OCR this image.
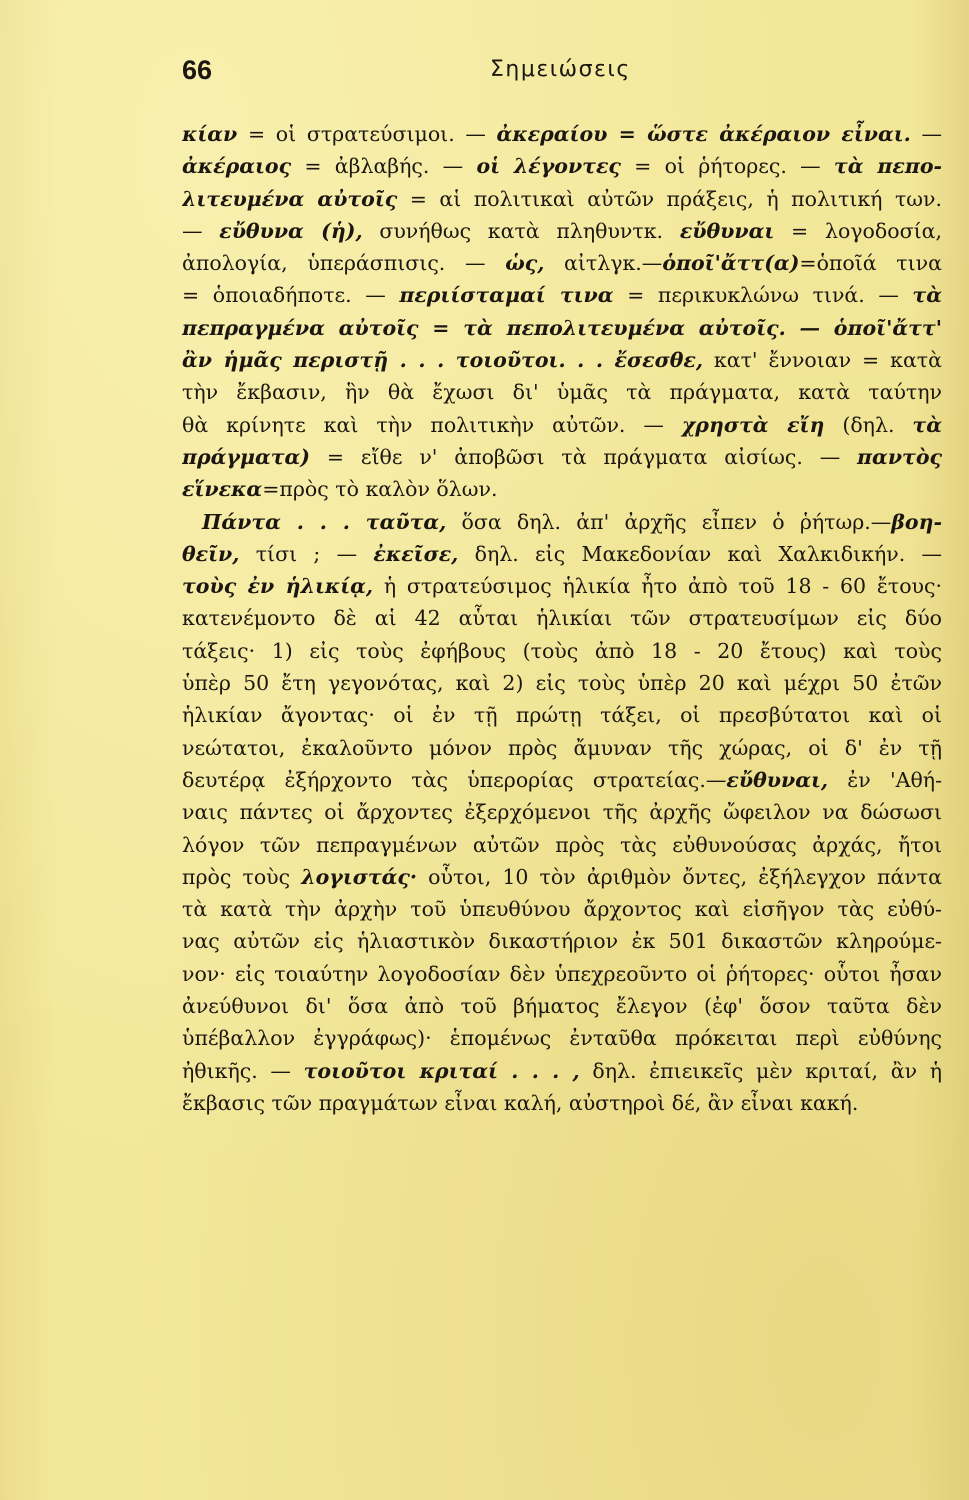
66	Σημειώσεις
κίαν = οἱ στρατεύσιμοι. — ἀκεραίου = ὥστε ἀκέραιον εἶναι. —
ἀκέραιος = ἀβλαβής. — οἱ λέγοντες = οἱ ῥήτορες. — τὰ πεπο-
λιτευμένα αὐτοῖς = αἱ πολιτικαὶ αὐτῶν πράξεις, ἡ πολιτική των.
— εὔθυνα (ἡ), συνήθως κατὰ πληθυντκ. εὔθυναι = λογοδοσία,
ἀπολογία, ὑπεράσπισις. — ὡς, αἰτλγκ.—ὁποῖ'ἄττ(α)=ὁποῖά τινα
= ὁποιαδήποτε. — περιίσταμαί τινα = περικυκλώνω τινά. — τὰ
πεπραγμένα αὐτοῖς = τὰ πεπολιτευμένα αὐτοῖς. — ὁποῖ'ἄττ'
ἂν ἡμᾶς περιστῇ . . . τοιοῦτοι. . . ἔσεσθε, κατ' ἔννοιαν = κατὰ
τὴν ἔκβασιν, ἣν θὰ ἔχωσι δι' ὑμᾶς τὰ πράγματα, κατὰ ταύτην
θὰ κρίνητε καὶ τὴν πολιτικὴν αὐτῶν. — χρηστὰ εἴη (δηλ. τὰ
πράγματα) = εἴθε ν' ἀποβῶσι τὰ πράγματα αἰσίως. — παντὸς
εἵνεκα=πρὸς τὸ καλὸν ὅλων.
Πάντα . . . ταῦτα, ὅσα δηλ. ἀπ' ἀρχῆς εἶπεν ὁ ῥήτωρ.—βοη-
θεῖν, τίσι ; — ἐκεῖσε, δηλ. εἰς Μακεδονίαν καὶ Χαλκιδικήν. —
τοὺς ἐν ἡλικίᾳ, ἡ στρατεύσιμος ἡλικία ἦτο ἀπὸ τοῦ 18 - 60 ἔτους·
κατενέμοντο δὲ αἱ 42 αὗται ἡλικίαι τῶν στρατευσίμων εἰς δύο
τάξεις· 1) εἰς τοὺς ἐφήβους (τοὺς ἀπὸ 18 - 20 ἔτους) καὶ τοὺς
ὑπὲρ 50 ἔτη γεγονότας, καὶ 2) εἰς τοὺς ὑπὲρ 20 καὶ μέχρι 50 ἐτῶν
ἡλικίαν ἄγοντας· οἱ ἐν τῇ πρώτῃ τάξει, οἱ πρεσβύτατοι καὶ οἱ
νεώτατοι, ἐκαλοῦντο μόνον πρὸς ἄμυναν τῆς χώρας, οἱ δ' ἐν τῇ
δευτέρᾳ ἐξήρχοντο τὰς ὑπερορίας στρατείας.—εὔθυναι, ἐν 'Αθή-
ναις πάντες οἱ ἄρχοντες ἐξερχόμενοι τῆς ἀρχῆς ὤφειλον να δώσωσι
λόγον τῶν πεπραγμένων αὐτῶν πρὸς τὰς εὐθυνούσας ἀρχάς, ἤτοι
πρὸς τοὺς λογιστάς· οὗτοι, 10 τὸν ἀριθμὸν ὄντες, ἐξήλεγχον πάντα
τὰ κατὰ τὴν ἀρχὴν τοῦ ὑπευθύνου ἄρχοντος καὶ εἰσῆγον τὰς εὐθύ-
νας αὐτῶν εἰς ἡλιαστικὸν δικαστήριον ἐκ 501 δικαστῶν κληρούμε-
νον· εἰς τοιαύτην λογοδοσίαν δὲν ὑπεχρεοῦντο οἱ ῥήτορες· οὗτοι ἦσαν
ἀνεύθυνοι δι' ὅσα ἀπὸ τοῦ βήματος ἔλεγον (ἐφ' ὅσον ταῦτα δὲν
ὑπέβαλλον ἐγγράφως)· ἑπομένως ἐνταῦθα πρόκειται περὶ εὐθύνης
ἠθικῆς. — τοιοῦτοι κριταί . . . , δηλ. ἐπιεικεῖς μὲν κριταί, ἂν ἡ
ἔκβασις τῶν πραγμάτων εἶναι καλή, αὐστηροὶ δέ, ἂν εἶναι κακή.
